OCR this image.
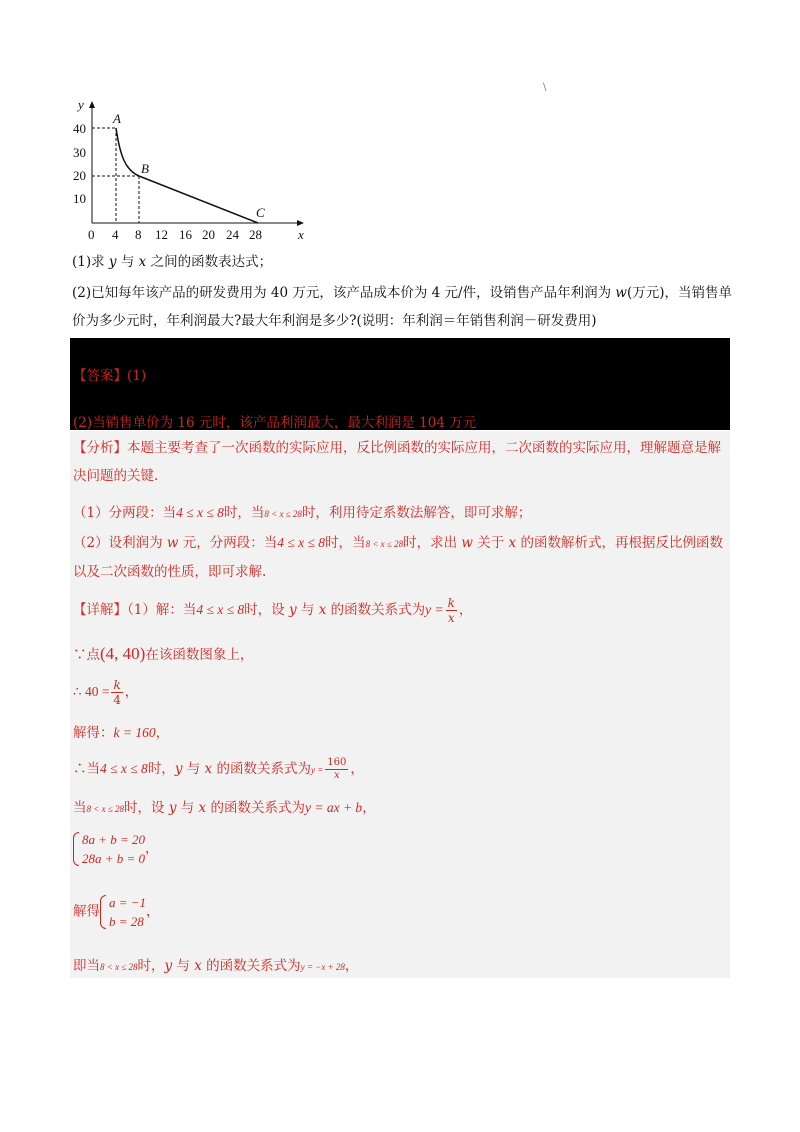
\
y
x
40
30
20
10
0 4 8 12 16 20 24 28
A
B
C
(1)求 y 与 x 之间的函数表达式；
(2)已知每年该产品的研发费用为 40 万元，该产品成本价为 4 元/件，设销售产品年利润为 w(万元)，当销售单价为多少元时，年利润最大?最大年利润是多少?(说明：年利润＝年销售利润－研发费用)
【答案】(1)
(2)当销售单价为 16 元时，该产品利润最大，最大利润是 104 万元
【分析】本题主要考查了一次函数的实际应用，反比例函数的实际应用，二次函数的实际应用，理解题意是解决问题的关键.
（1）分两段：当4 ≤ x ≤ 8时，当8 < x ≤ 28时，利用待定系数法解答，即可求解；
（2）设利润为 w 元，分两段：当4 ≤ x ≤ 8时，当8 < x ≤ 28时，求出 w 关于 x 的函数解析式，再根据反比例函数以及二次函数的性质，即可求解.
【详解】（1）解：当4 ≤ x ≤ 8时，设 y 与 x 的函数关系式为$y = \frac{k}{x}$ ，
∵点(4, 40)在该函数图象上，
∴ $40 = \frac{k}{4}$ ，
解得：k = 160，
∴当4 ≤ x ≤ 8时，y 与 x 的函数关系式为$y = \frac{160}{x}$ ，
当8 < x ≤ 28时，设 y 与 x 的函数关系式为y = ax + b，
8a + b = 20
28a + b = 0
，
解得
a = −1
b = 28
，
即当8 < x ≤ 28时，y 与 x 的函数关系式为y = −x + 28，
